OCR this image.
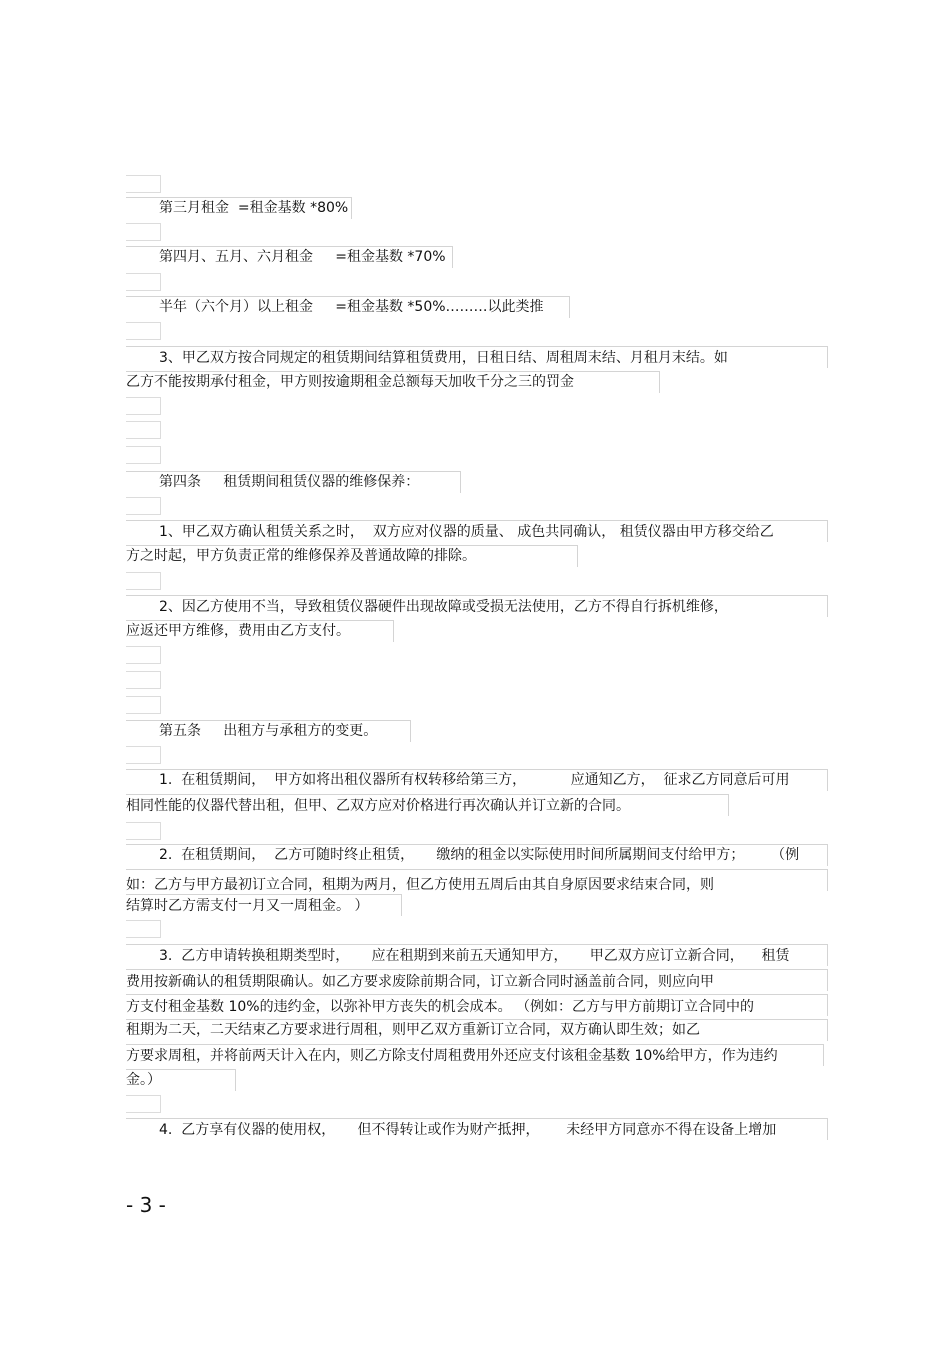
第三月租金  =租金基数 *80%
第四月、五月、六月租金     =租金基数 *70%
半年（六个月）以上租金     =租金基数 *50%………以此类推
3、甲乙双方按合同规定的租赁期间结算租赁费用，日租日结、周租周末结、月租月末结。如
乙方不能按期承付租金，甲方则按逾期租金总额每天加收千分之三的罚金
第四条     租赁期间租赁仪器的维修保养：
1、甲乙双方确认租赁关系之时，  双方应对仪器的质量、 成色共同确认， 租赁仪器由甲方移交给乙
方之时起，甲方负责正常的维修保养及普通故障的排除。
2、因乙方使用不当，导致租赁仪器硬件出现故障或受损无法使用，乙方不得自行拆机维修，
应返还甲方维修，费用由乙方支付。
第五条     出租方与承租方的变更。
1.  在租赁期间，  甲方如将出租仪器所有权转移给第三方，          应通知乙方，  征求乙方同意后可用
相同性能的仪器代替出租，但甲、乙双方应对价格进行再次确认并订立新的合同。
2.  在租赁期间，  乙方可随时终止租赁，     缴纳的租金以实际使用时间所属期间支付给甲方；      （例
如：乙方与甲方最初订立合同，租期为两月，但乙方使用五周后由其自身原因要求结束合同，则
结算时乙方需支付一月又一周租金。 ）
3.  乙方申请转换租期类型时，     应在租期到来前五天通知甲方，     甲乙双方应订立新合同，    租赁
费用按新确认的租赁期限确认。如乙方要求废除前期合同，订立新合同时涵盖前合同，则应向甲
方支付租金基数 10%的违约金，以弥补甲方丧失的机会成本。 （例如：乙方与甲方前期订立合同中的
租期为二天，二天结束乙方要求进行周租，则甲乙双方重新订立合同，双方确认即生效；如乙
方要求周租，并将前两天计入在内，则乙方除支付周租费用外还应支付该租金基数 10%给甲方，作为违约
金。）
4.  乙方享有仪器的使用权，     但不得转让或作为财产抵押，      未经甲方同意亦不得在设备上增加
- 3 -
